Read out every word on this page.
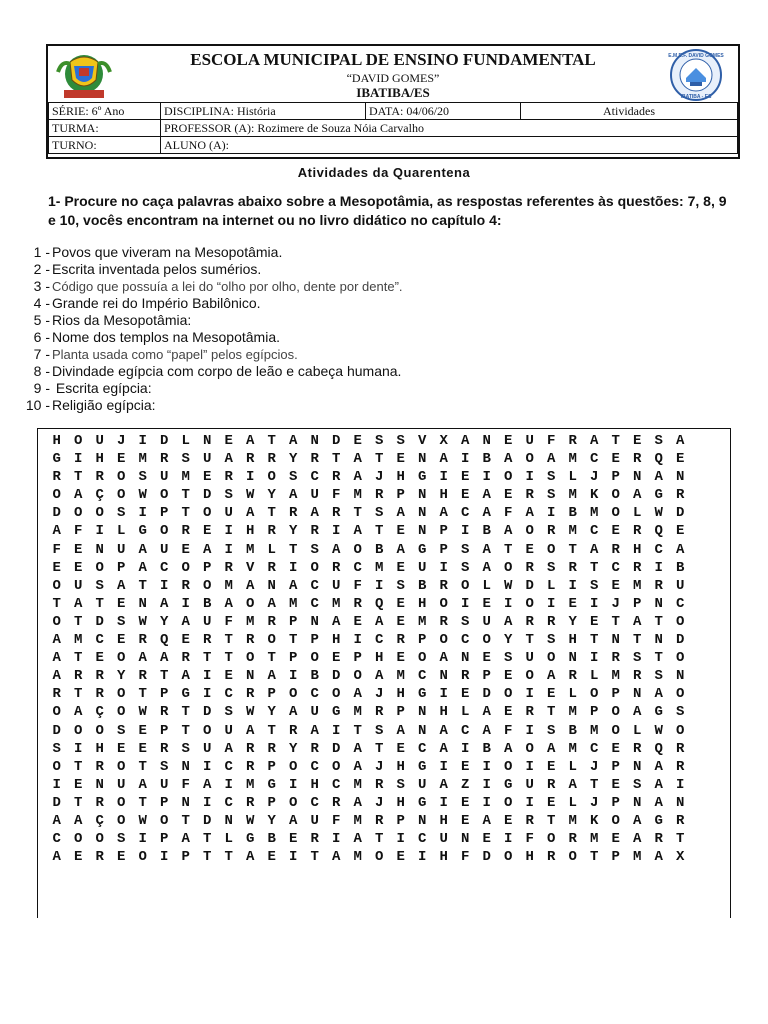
ESCOLA MUNICIPAL DE ENSINO FUNDAMENTAL
“DAVID GOMES”
IBATIBA/ES
E.M.E.F. DAVID GOMES
IBATIBA - ES
SÉRIE: 6º Ano	DISCIPLINA: História	DATA: 04/06/20	Atividades
TURMA:	PROFESSOR (A): Rozimere de Souza Nóia Carvalho		
TURNO:	ALUNO (A):		
Atividades da Quarentena
1- Procure no caça palavras abaixo sobre a Mesopotâmia, as respostas referentes às questões: 7, 8, 9 e 10, vocês encontram na internet ou no livro didático no capítulo 4:
1 - Povos que viveram na Mesopotâmia.
2 - Escrita inventada pelos sumérios.
3 - Código que possuía a lei do “olho por olho, dente por dente”.
4 - Grande rei do Império Babilônico.
5 - Rios da Mesopotâmia:
6 - Nome dos templos na Mesopotâmia.
7 - Planta usada como “papel” pelos egípcios.
8 - Divindade egípcia com corpo de leão e cabeça humana.
9 - Escrita egípcia:
10 - Religião egípcia:
H O U J I D L N E A T A N D E S S V X A N E U F R A T E S A
G I H E M R S U A R R Y R T A T E N A I B A O A M C E R Q E
R T R O S U M E R I O S C R A J H G I E I O I S L J P N A N
O A Ç O W O T D S W Y A U F M R P N H E A E R S M K O A G R
D O O S I P T O U A T R A R T S A N A C A F A I B M O L W D
A F I L G O R E I H R Y R I A T E N P I B A O R M C E R Q E
F E N U A U E A I M L T S A O B A G P S A T E O T A R H C A
E E O P A C O P R V R I O R C M E U I S A O R S R T C R I B
O U S A T I R O M A N A C U F I S B R O L W D L I S E M R U
T A T E N A I B A O A M C M R Q E H O I E I O I E I J P N C
O T D S W Y A U F M R P N A E A E M R S U A R R Y E T A T O
A M C E R Q E R T R O T P H I C R P O C O Y T S H T N T N D
A T E O A A R T T O T P O E P H E O A N E S U O N I R S T O
A R R Y R T A I E N A I B D O A M C N R P E O A R L M R S N
R T R O T P G I C R P O C O A J H G I E D O I E L O P N A O
O A Ç O W R T D S W Y A U G M R P N H L A E R T M P O A G S
D O O S E P T O U A T R A I T S A N A C A F I S B M O L W O
S I H E E R S U A R R Y R D A T E C A I B A O A M C E R Q R
O T R O T S N I C R P O C O A J H G I E I O I E L J P N A R
I E N U A U F A I M G I H C M R S U A Z I G U R A T E S A I
D T R O T P N I C R P O C R A J H G I E I O I E L J P N A N
A A Ç O W O T D N W Y A U F M R P N H E A E R T M K O A G R
C O O S I P A T L G B E R I A T I C U N E I F O R M E A R T
A E R E O I P T T A E I T A M O E I H F D O H R O T P M A X
